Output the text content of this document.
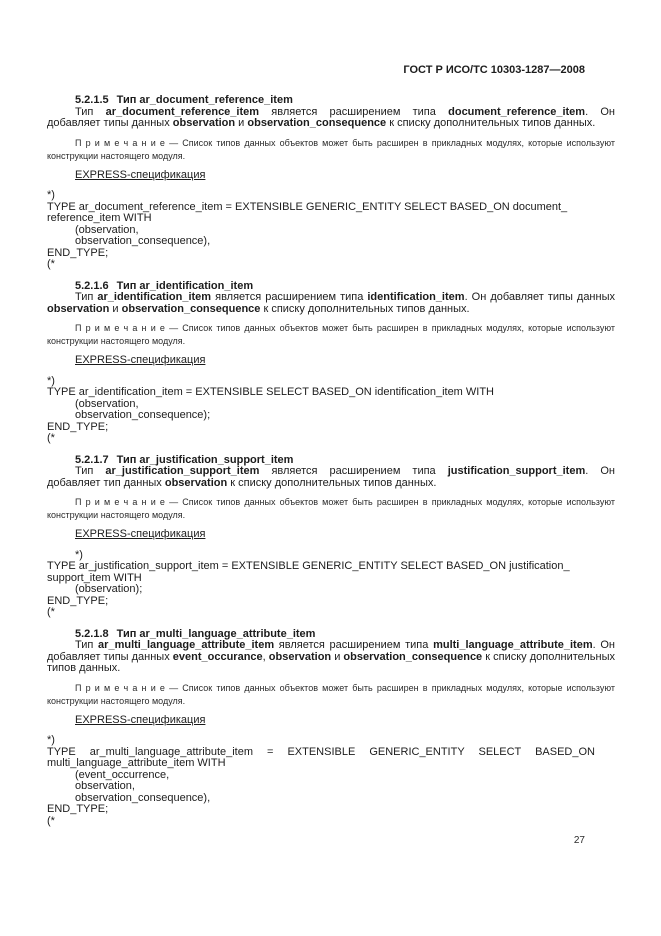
ГОСТ Р ИСО/ТС 10303-1287—2008
5.2.1.5 Тип ar_document_reference_item

Тип ar_document_reference_item является расширением типа document_reference_item. Он добавляет типы данных observation и observation_consequence к списку дополнительных типов данных.

П р и м е ч а н и е — Список типов данных объектов может быть расширен в прикладных модулях, которые используют конструкции настоящего модуля.

EXPRESS-спецификация

*)
TYPE ar_document_reference_item = EXTENSIBLE GENERIC_ENTITY SELECT BASED_ON document_
reference_item WITH
(observation,
observation_consequence),
END_TYPE;
(*
5.2.1.6 Тип ar_identification_item

Тип ar_identification_item является расширением типа identification_item. Он добавляет типы данных observation и observation_consequence к списку дополнительных типов данных.

П р и м е ч а н и е — Список типов данных объектов может быть расширен в прикладных модулях, которые используют конструкции настоящего модуля.

EXPRESS-спецификация

*)
TYPE ar_identification_item = EXTENSIBLE SELECT BASED_ON identification_item WITH
(observation,
observation_consequence);
END_TYPE;
(*
5.2.1.7 Тип ar_justification_support_item

Тип ar_justification_support_item является расширением типа justification_support_item. Он добавляет тип данных observation к списку дополнительных типов данных.

П р и м е ч а н и е — Список типов данных объектов может быть расширен в прикладных модулях, которые используют конструкции настоящего модуля.

EXPRESS-спецификация

*)
TYPE ar_justification_support_item = EXTENSIBLE GENERIC_ENTITY SELECT BASED_ON justification_
support_item WITH
(observation);
END_TYPE;
(*
5.2.1.8 Тип ar_multi_language_attribute_item

Тип ar_multi_language_attribute_item является расширением типа multi_language_attribute_item. Он добавляет типы данных event_occurance, observation и observation_consequence к списку дополнительных типов данных.

П р и м е ч а н и е — Список типов данных объектов может быть расширен в прикладных модулях, которые используют конструкции настоящего модуля.

EXPRESS-спецификация

*)
TYPE ar_multi_language_attribute_item = EXTENSIBLE GENERIC_ENTITY SELECT BASED_ON
multi_language_attribute_item WITH
(event_occurrence,
observation,
observation_consequence),
END_TYPE;
(*
27
